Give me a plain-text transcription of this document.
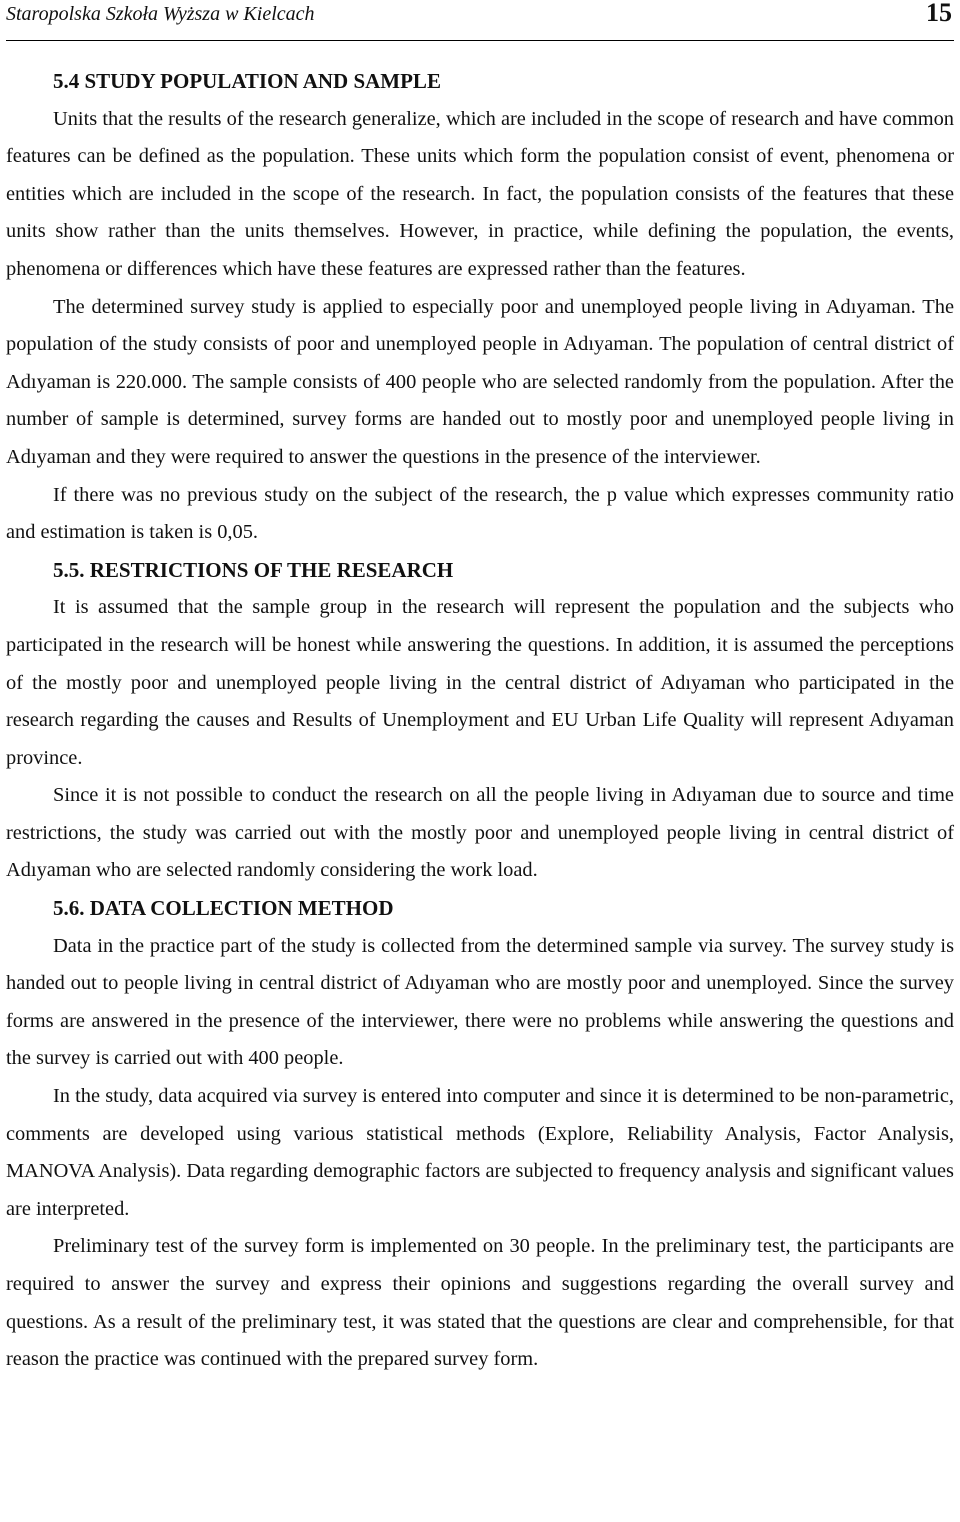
Staropolska Szkoła Wyższa w Kielcach	15
5.4 STUDY POPULATION AND SAMPLE

Units that the results of the research generalize, which are included in the scope of research and have common features can be defined as the population. These units which form the population consist of event, phenomena or entities which are included in the scope of the research. In fact, the population consists of the features that these units show rather than the units themselves. However, in practice, while defining the population, the events, phenomena or differences which have these features are expressed rather than the features.

The determined survey study is applied to especially poor and unemployed people living in Adıyaman. The population of the study consists of poor and unemployed people in Adıyaman. The population of central district of Adıyaman is 220.000. The sample consists of 400 people who are selected randomly from the population. After the number of sample is determined, survey forms are handed out to mostly poor and unemployed people living in Adıyaman and they were required to answer the questions in the presence of the interviewer.

If there was no previous study on the subject of the research, the p value which expresses community ratio and estimation is taken is 0,05.

5.5. RESTRICTIONS OF THE RESEARCH

It is assumed that the sample group in the research will represent the population and the subjects who participated in the research will be honest while answering the questions. In addition, it is assumed the perceptions of the mostly poor and unemployed people living in the central district of Adıyaman who participated in the research regarding the causes and Results of Unemployment and EU Urban Life Quality will represent Adıyaman province.

Since it is not possible to conduct the research on all the people living in Adıyaman due to source and time restrictions, the study was carried out with the mostly poor and unemployed people living in central district of Adıyaman who are selected randomly considering the work load.

5.6. DATA COLLECTION METHOD

Data in the practice part of the study is collected from the determined sample via survey. The survey study is handed out to people living in central district of Adıyaman who are mostly poor and unemployed. Since the survey forms are answered in the presence of the interviewer, there were no problems while answering the questions and the survey is carried out with 400 people.

In the study, data acquired via survey is entered into computer and since it is determined to be non-parametric, comments are developed using various statistical methods (Explore, Reliability Analysis, Factor Analysis, MANOVA Analysis). Data regarding demographic factors are subjected to frequency analysis and significant values are interpreted.

Preliminary test of the survey form is implemented on 30 people. In the preliminary test, the participants are required to answer the survey and express their opinions and suggestions regarding the overall survey and questions. As a result of the preliminary test, it was stated that the questions are clear and comprehensible, for that reason the practice was continued with the prepared survey form.
